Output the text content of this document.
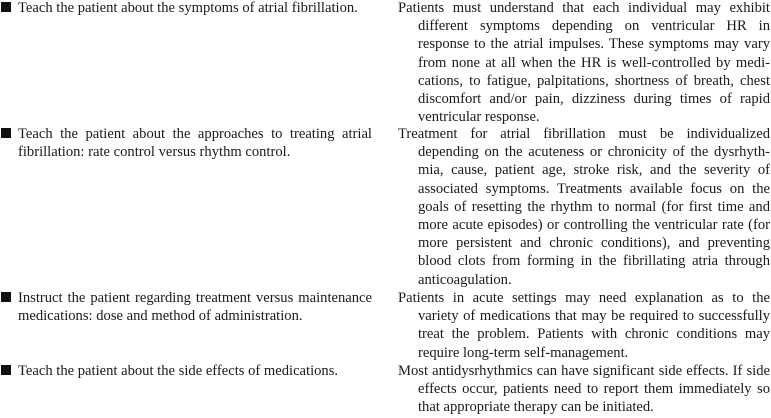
Teach the patient about the symptoms of atrial fibrillation.	Patients must understand that each individual may exhibit different symptoms depending on ventricular HR in response to the atrial impulses. These symptoms may vary from none at all when the HR is well-controlled by medications, to fatigue, palpitations, shortness of breath, chest discomfort and/or pain, dizziness during times of rapid ventricular response.

Teach the patient about the approaches to treating atrial fibrillation: rate control versus rhythm control.

Treatment for atrial fibrillation must be individualized depending on the acuteness or chronicity of the dysrhythmia, cause, patient age, stroke risk, and the severity of associated symptoms. Treatments available focus on the goals of resetting the rhythm to normal (for first time and more acute episodes) or controlling the ventricular rate (for more persistent and chronic conditions), and preventing blood clots from forming in the fibrillating atria through anticoagulation.

Instruct the patient regarding treatment versus maintenance medications: dose and method of administration.

Patients in acute settings may need explanation as to the variety of medications that may be required to successfully treat the problem. Patients with chronic conditions may require long-term self-management.

Teach the patient about the side effects of medications.	Most antidysrhythmics can have significant side effects. If side effects occur, patients need to report them immediately so that appropriate therapy can be initiated.
